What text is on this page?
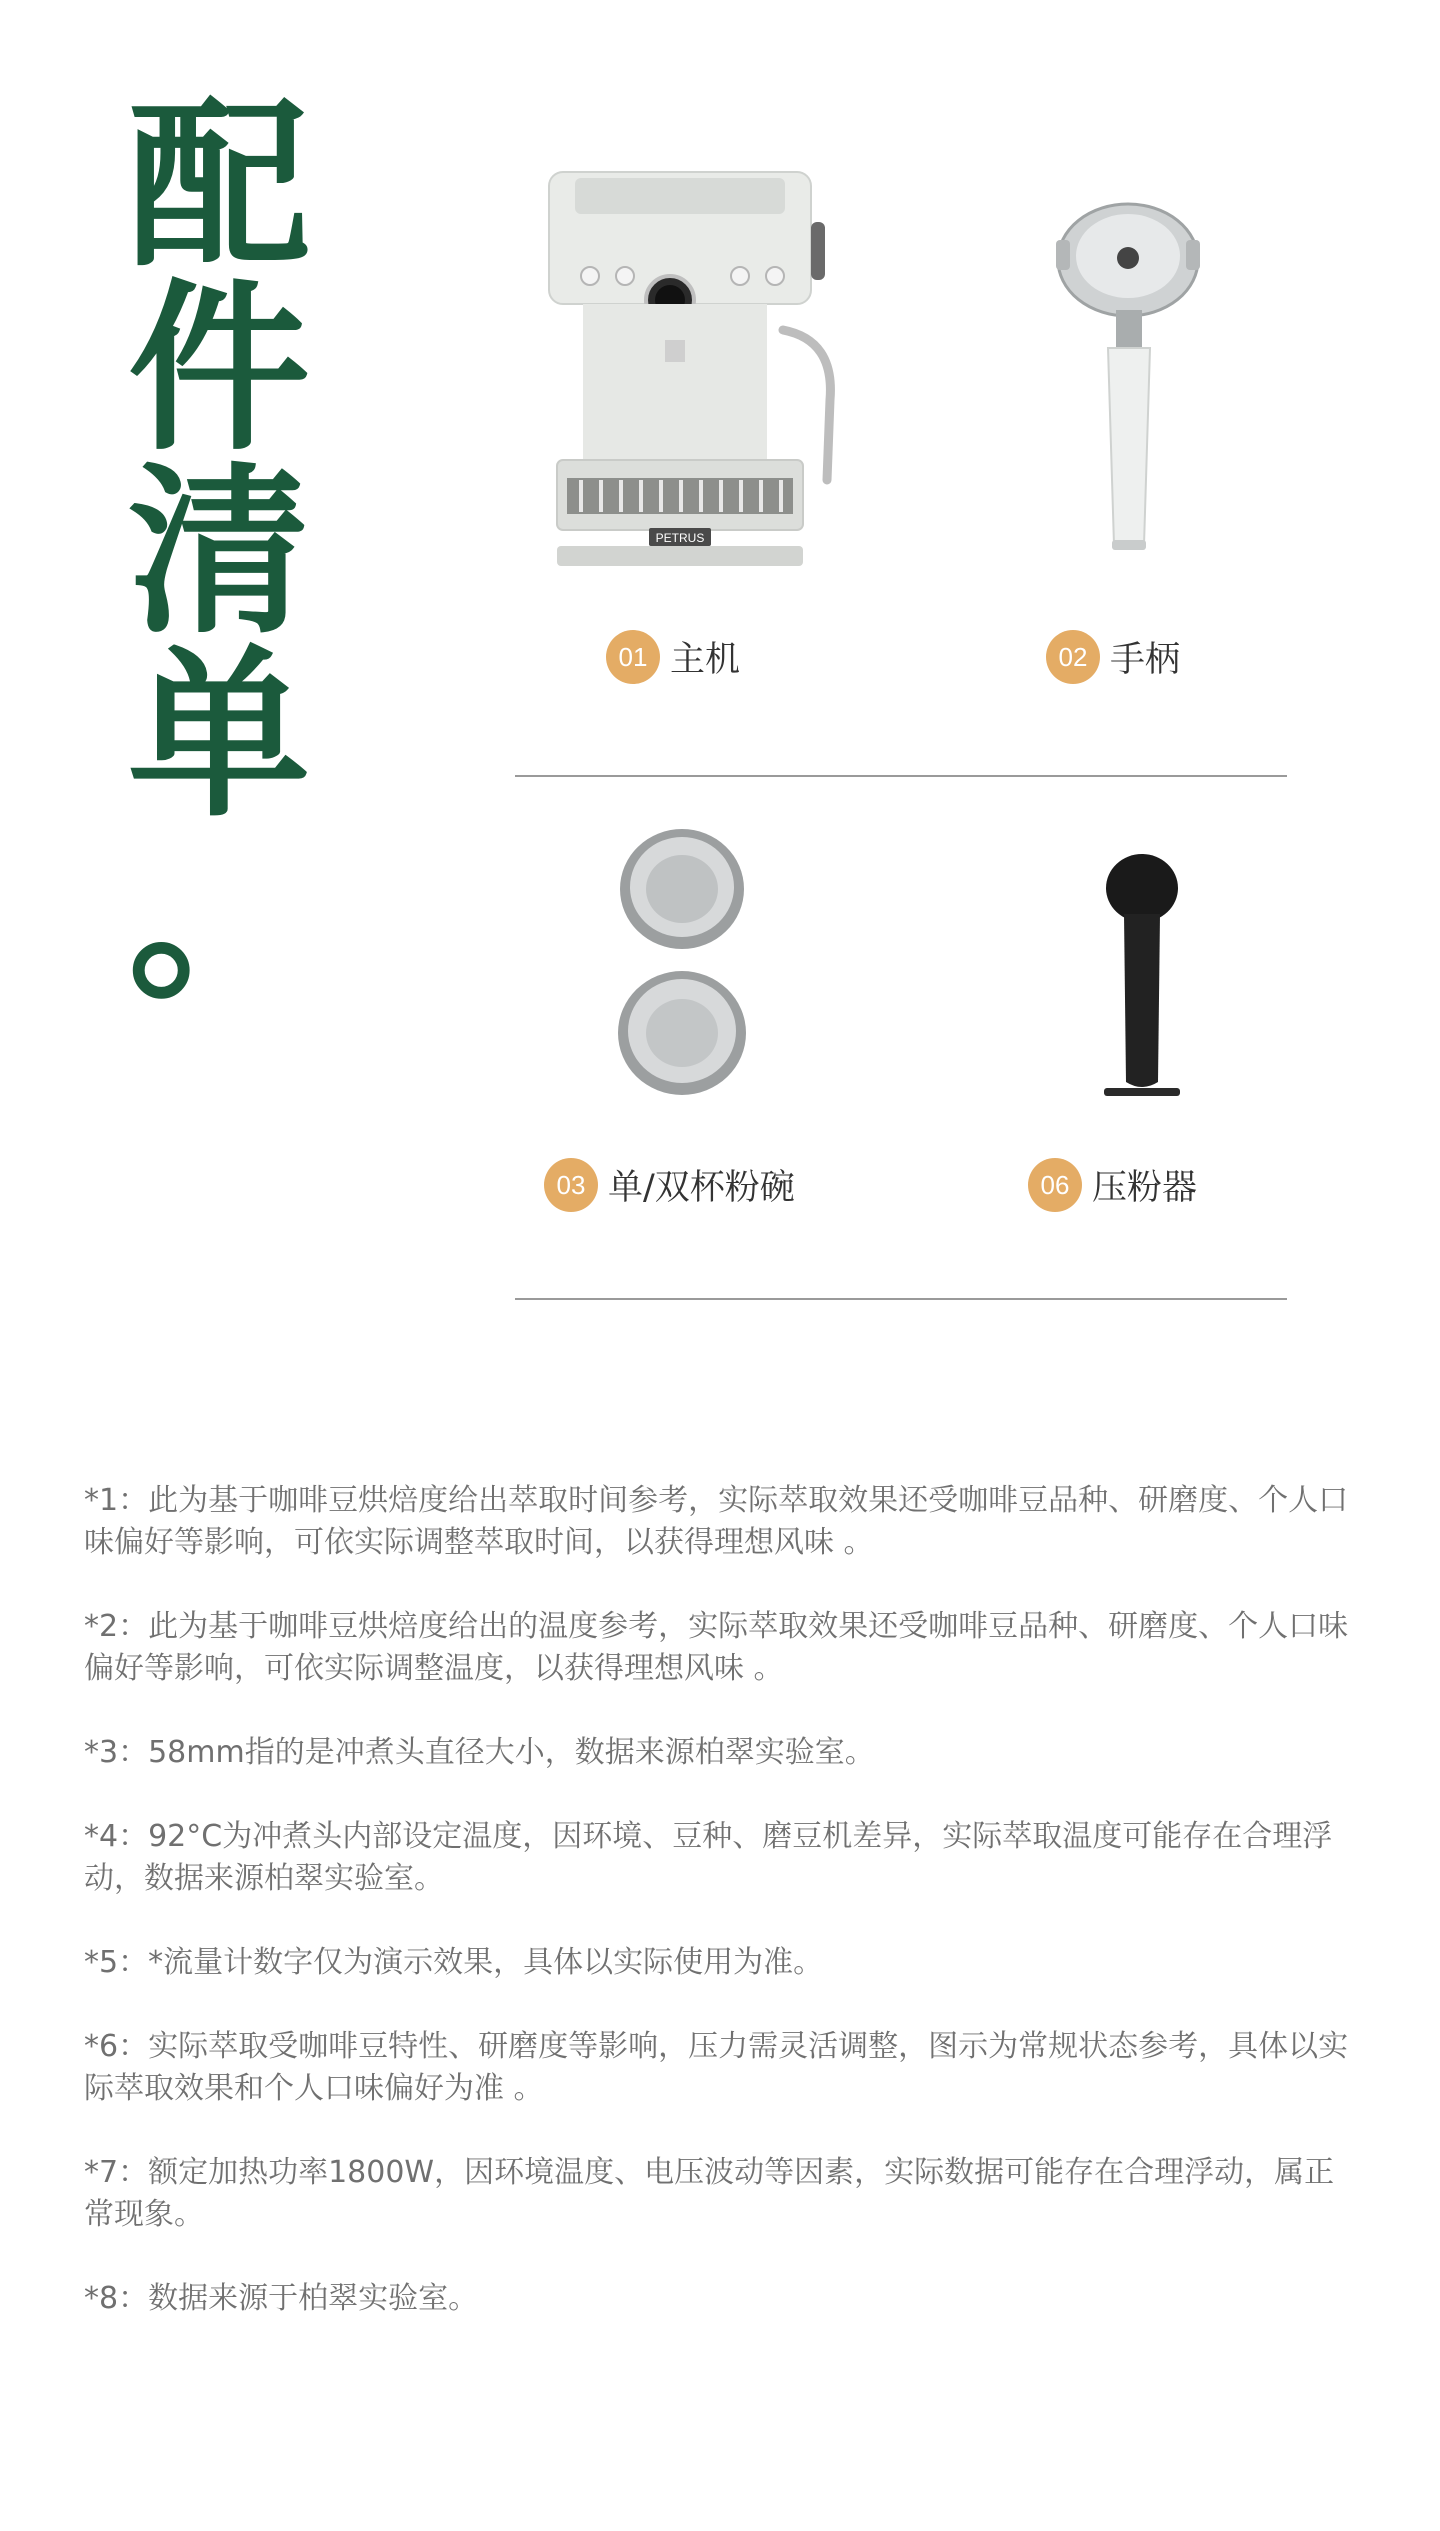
配
件
清
单
。
PETRUS
01 主机	02 手柄
03 单/双杯粉碗	06 压粉器

*1：此为基于咖啡豆烘焙度给出萃取时间参考，实际萃取效果还受咖啡豆品种、研磨度、个人口味偏好等影响，可依实际调整萃取时间，以获得理想风味 。

*2：此为基于咖啡豆烘焙度给出的温度参考，实际萃取效果还受咖啡豆品种、研磨度、个人口味偏好等影响，可依实际调整温度，以获得理想风味 。

*3：58mm指的是冲煮头直径大小，数据来源柏翠实验室。

*4：92°C为冲煮头内部设定温度，因环境、豆种、磨豆机差异，实际萃取温度可能存在合理浮动，数据来源柏翠实验室。

*5：*流量计数字仅为演示效果，具体以实际使用为准。

*6：实际萃取受咖啡豆特性、研磨度等影响，压力需灵活调整，图示为常规状态参考，具体以实际萃取效果和个人口味偏好为准 。

*7：额定加热功率1800W，因环境温度、电压波动等因素，实际数据可能存在合理浮动，属正常现象。

*8：数据来源于柏翠实验室。
